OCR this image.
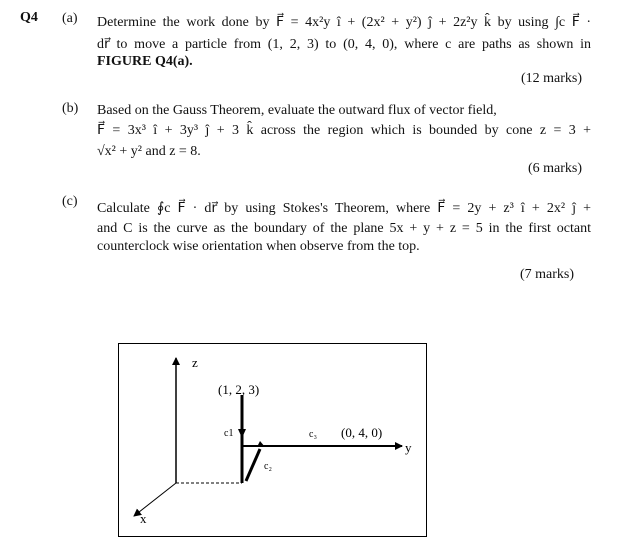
Q4 (a) Determine the work done by F⃗ = 4x²y î + (2x² + y²) ĵ + 2z²y k̂ by using ∫c F⃗ ·
dr⃗ to move a particle from (1, 2, 3) to (0, 4, 0), where c are paths as shown in
FIGURE Q4(a).
(12 marks)
(b) Based on the Gauss Theorem, evaluate the outward flux of vector field,
F⃗ = 3x³ î + 3y³ ĵ + 3 k̂ across the region which is bounded by cone z = 3 +
√x² + y² and z = 8.
(6 marks)
(c) Calculate ∮c F⃗ · dr⃗ by using Stokes's Theorem, where F⃗ = 2y + z³ î + 2x² ĵ +
and C is the curve as the boundary of the plane 5x + y + z = 5 in the first octant
counterclock wise orientation when observe from the top.
(7 marks)
z
y
x
c1
c₂
c₃
(1, 2, 3)
(0, 4, 0)
